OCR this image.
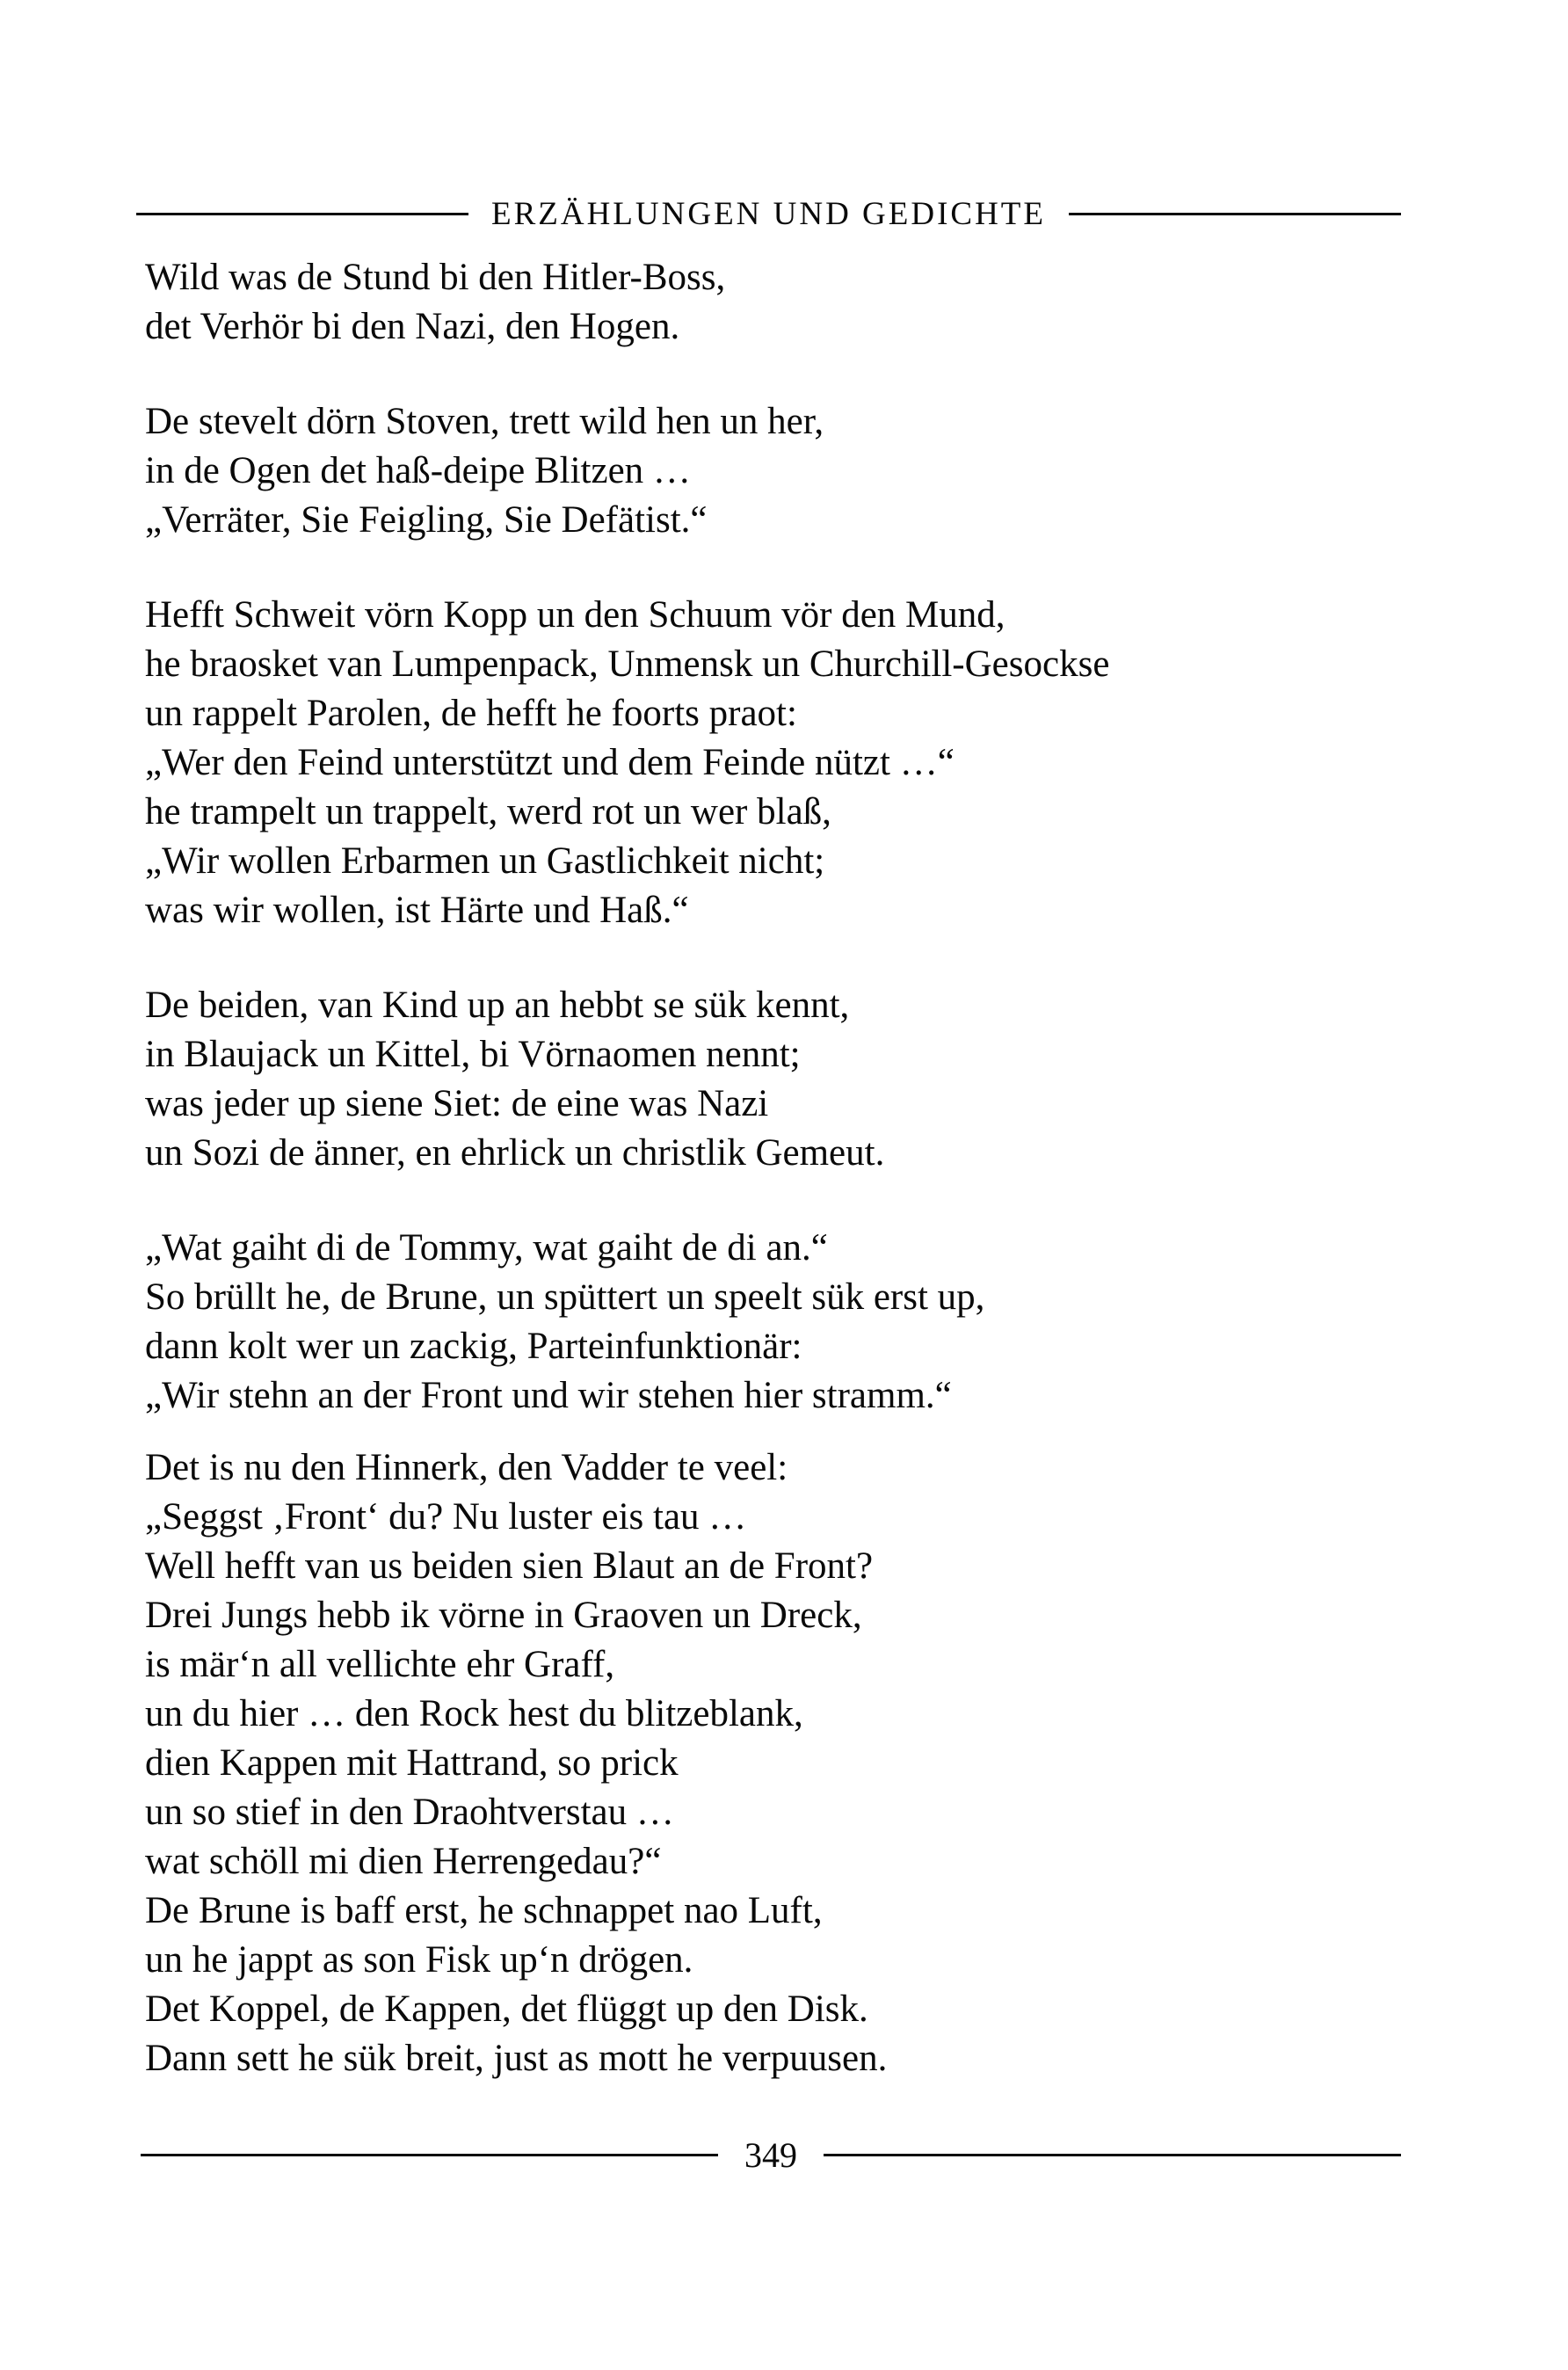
ERZÄHLUNGEN UND GEDICHTE
Wild was de Stund bi den Hitler-Boss,
det Verhör bi den Nazi, den Hogen.
De stevelt dörn Stoven, trett wild hen un her,
in de Ogen det haß-deipe Blitzen …
„Verräter, Sie Feigling, Sie Defätist.“
Hefft Schweit vörn Kopp un den Schuum vör den Mund,
he braosket van Lumpenpack, Unmensk un Churchill-Gesockse
un rappelt Parolen, de hefft he foorts praot:
„Wer den Feind unterstützt und dem Feinde nützt …“
he trampelt un trappelt, werd rot un wer blaß,
„Wir wollen Erbarmen un Gastlichkeit nicht;
was wir wollen, ist Härte und Haß.“
De beiden, van Kind up an hebbt se sük kennt,
in Blaujack un Kittel, bi Vörnaomen nennt;
was jeder up siene Siet: de eine was Nazi
un Sozi de änner, en ehrlick un christlik Gemeut.
„Wat gaiht di de Tommy, wat gaiht de di an.“
So brüllt he, de Brune, un spüttert un speelt sük erst up,
dann kolt wer un zackig, Parteinfunktionär:
„Wir stehn an der Front und wir stehen hier stramm.“
Det is nu den Hinnerk, den Vadder te veel:
„Seggst ‚Front‘ du? Nu luster eis tau …
Well hefft van us beiden sien Blaut an de Front?
Drei Jungs hebb ik vörne in Graoven un Dreck,
is mär‘n all vellichte ehr Graff,
un du hier … den Rock hest du blitzeblank,
dien Kappen mit Hattrand, so prick
un so stief in den Draohtverstau …
wat schöll mi dien Herrengedau?“
De Brune is baff erst, he schnappet nao Luft,
un he jappt as son Fisk up‘n drögen.
Det Koppel, de Kappen, det flüggt up den Disk.
Dann sett he sük breit, just as mott he verpuusen.
349
